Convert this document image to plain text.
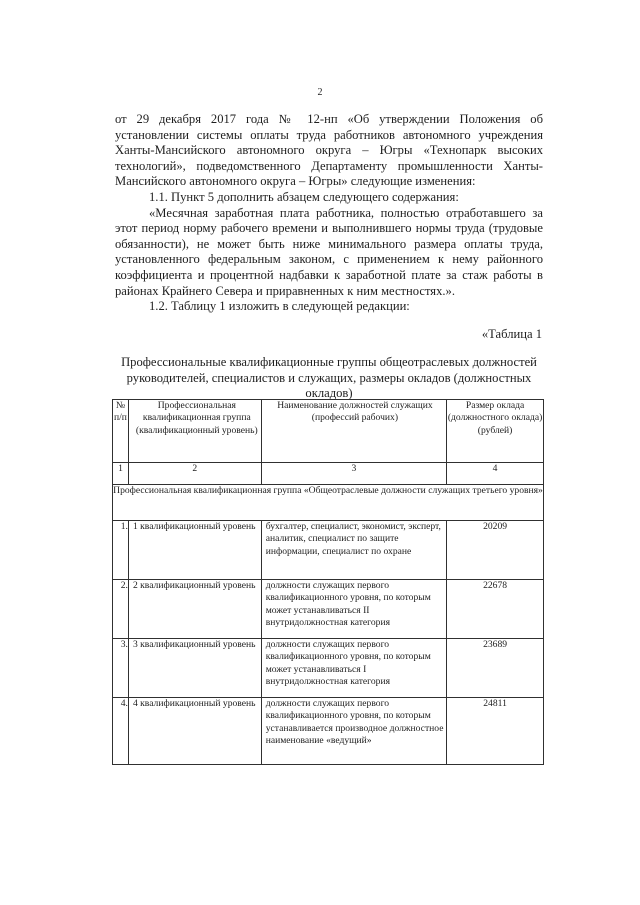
2

от 29 декабря 2017 года № 12-нп «Об утверждении Положения об установлении системы оплаты труда работников автономного учреждения Ханты-Мансийского автономного округа – Югры «Технопарк высоких технологий», подведомственного Департаменту промышленности Ханты-Мансийского автономного округа – Югры» следующие изменения:

1.1. Пункт 5 дополнить абзацем следующего содержания:

«Месячная заработная плата работника, полностью отработавшего за этот период норму рабочего времени и выполнившего нормы труда (трудовые обязанности), не может быть ниже минимального размера оплаты труда, установленного федеральным законом, с применением к нему районного коэффициента и процентной надбавки к заработной плате за стаж работы в районах Крайнего Севера и приравненных к ним местностях.».

1.2. Таблицу 1 изложить в следующей редакции:

«Таблица 1
Профессиональные квалификационные группы общеотраслевых должностей руководителей, специалистов и служащих, размеры окладов (должностных окладов)
№ п/п	Профессиональная квалификационная группа (квалификационный уровень)	Наименование должностей служащих (профессий рабочих)	Размер оклада (должностного оклада) (рублей)
1	2	3	4
Профессиональная квалификационная группа «Общеотраслевые должности служащих третьего уровня»			
1.	1 квалификационный уровень	бухгалтер, специалист, экономист, эксперт, аналитик, специалист по защите информации, специалист по охране	20209
2.	2 квалификационный уровень	должности служащих первого квалификационного уровня, по которым может устанавливаться II внутридолжностная категория	22678
3.	3 квалификационный уровень	должности служащих первого квалификационного уровня, по которым может устанавливаться I внутридолжностная категория	23689
4.	4 квалификационный уровень	должности служащих первого квалификационного уровня, по которым устанавливается производное должностное наименование «ведущий»	24811
